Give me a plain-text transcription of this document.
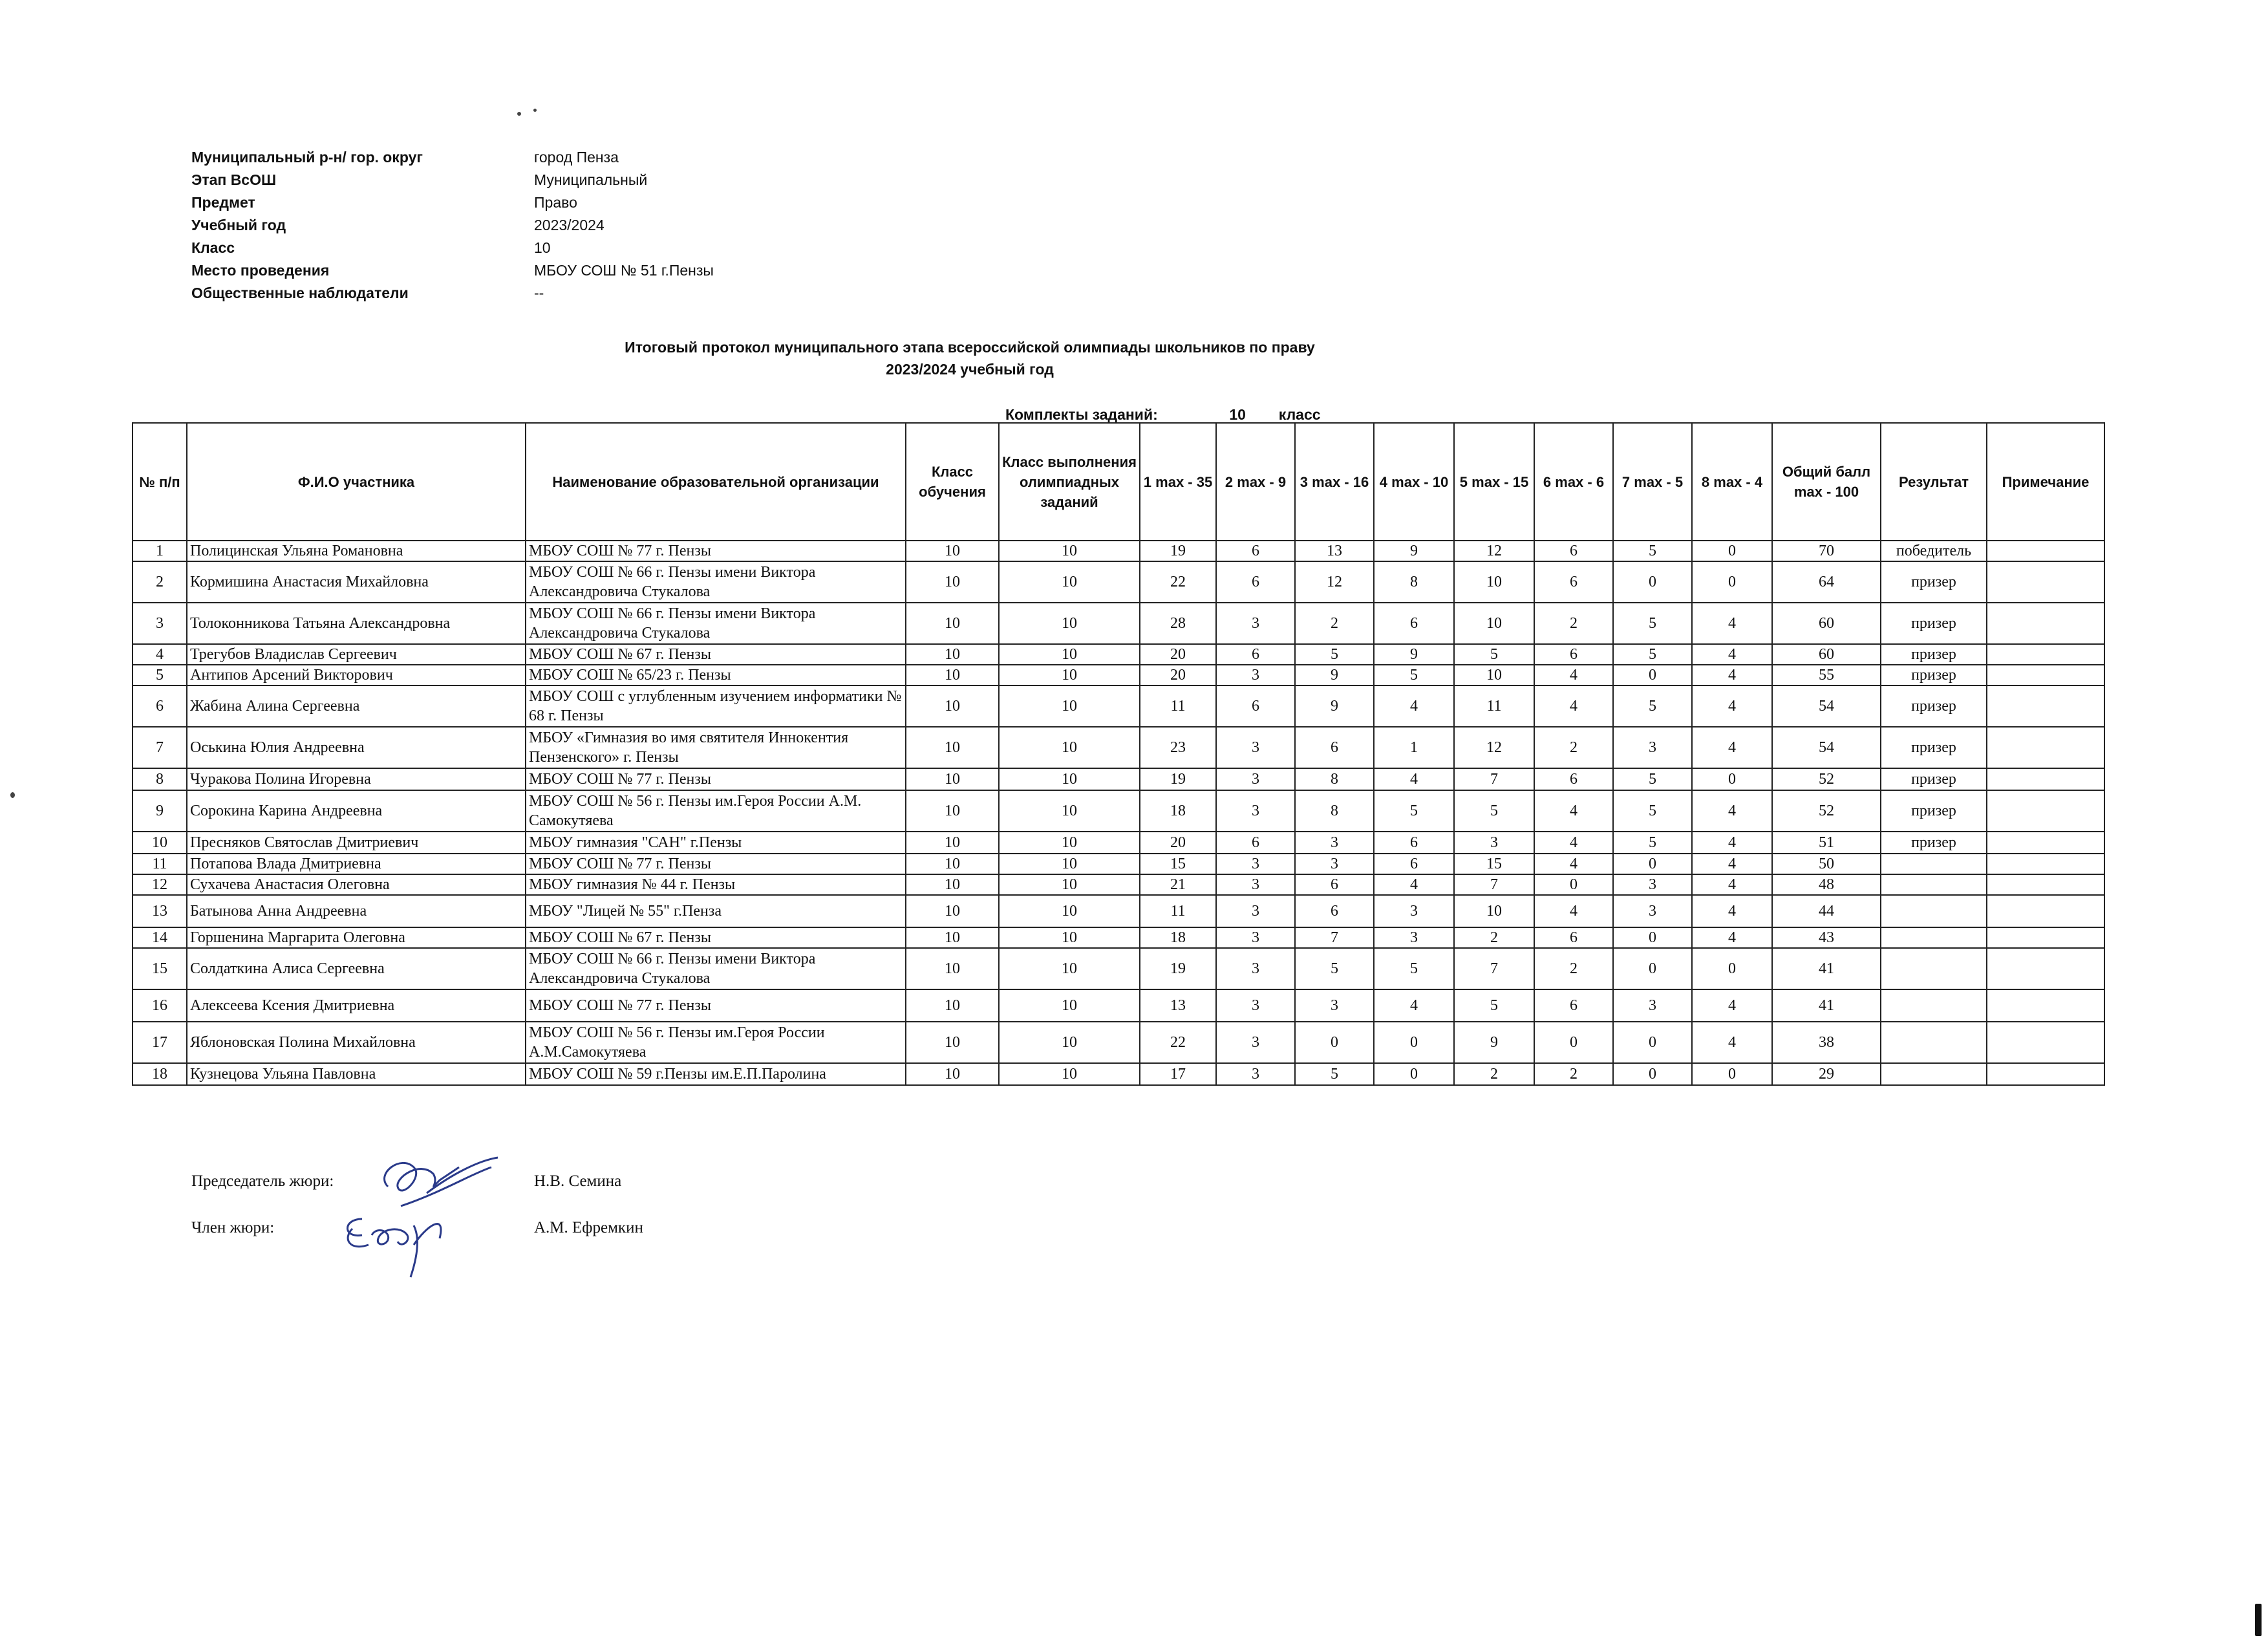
Муниципальный р-н/ гор. округ	город Пенза
Этап ВсОШ	Муниципальный
Предмет	Право
Учебный год	2023/2024
Класс	10
Место проведения	МБОУ СОШ № 51 г.Пензы
Общественные наблюдатели	--
Итоговый протокол муниципального этапа всероссийской олимпиады школьников по праву
2023/2024 учебный год
Комплекты заданий:	10 класс
№ п/п	Ф.И.О участника	Наименование образовательной организации	Класс обучения	Класс выполнения олимпиадных заданий	1 max - 35	2 max - 9	3 max - 16	4 max - 10	5 max - 15	6 max - 6	7 max - 5	8 max - 4	Общий балл max - 100	Результат	Примечание
1	Полицинская Ульяна Романовна	МБОУ СОШ № 77 г. Пензы	10	10	19	6	13	9	12	6	5	0	70	победитель	
2	Кормишина Анастасия Михайловна	МБОУ СОШ № 66 г. Пензы имени Виктора Александровича Стукалова	10	10	22	6	12	8	10	6	0	0	64	призер	
3	Толоконникова Татьяна Александровна	МБОУ СОШ № 66 г. Пензы имени Виктора Александровича Стукалова	10	10	28	3	2	6	10	2	5	4	60	призер	
4	Трегубов Владислав Сергеевич	МБОУ СОШ № 67 г. Пензы	10	10	20	6	5	9	5	6	5	4	60	призер	
5	Антипов Арсений Викторович	МБОУ СОШ № 65/23 г. Пензы	10	10	20	3	9	5	10	4	0	4	55	призер	
6	Жабина Алина Сергеевна	МБОУ СОШ с углубленным изучением информатики № 68 г. Пензы	10	10	11	6	9	4	11	4	5	4	54	призер	
7	Оськина Юлия Андреевна	МБОУ «Гимназия во имя святителя Иннокентия Пензенского» г. Пензы	10	10	23	3	6	1	12	2	3	4	54	призер	
8	Чуракова Полина Игоревна	МБОУ СОШ № 77 г. Пензы	10	10	19	3	8	4	7	6	5	0	52	призер	
9	Сорокина Карина Андреевна	МБОУ СОШ № 56 г. Пензы им.Героя России А.М. Самокутяева	10	10	18	3	8	5	5	4	5	4	52	призер	
10	Пресняков Святослав Дмитриевич	МБОУ гимназия "САН" г.Пензы	10	10	20	6	3	6	3	4	5	4	51	призер	
11	Потапова Влада Дмитриевна	МБОУ СОШ № 77 г. Пензы	10	10	15	3	3	6	15	4	0	4	50		
12	Сухачева Анастасия Олеговна	МБОУ гимназия № 44 г. Пензы	10	10	21	3	6	4	7	0	3	4	48		
13	Батынова Анна Андреевна	МБОУ "Лицей № 55" г.Пенза	10	10	11	3	6	3	10	4	3	4	44		
14	Горшенина Маргарита Олеговна	МБОУ СОШ № 67 г. Пензы	10	10	18	3	7	3	2	6	0	4	43		
15	Солдаткина Алиса Сергеевна	МБОУ СОШ № 66 г. Пензы имени Виктора Александровича Стукалова	10	10	19	3	5	5	7	2	0	0	41		
16	Алексеева Ксения Дмитриевна	МБОУ СОШ № 77 г. Пензы	10	10	13	3	3	4	5	6	3	4	41		
17	Яблоновская Полина Михайловна	МБОУ СОШ № 56 г. Пензы им.Героя России А.М.Самокутяева	10	10	22	3	0	0	9	0	0	4	38		
18	Кузнецова Ульяна Павловна	МБОУ СОШ № 59 г.Пензы им.Е.П.Паролина	10	10	17	3	5	0	2	2	0	0	29		
Председатель жюри:	Н.В. Семина
Член жюри:	А.М. Ефремкин
